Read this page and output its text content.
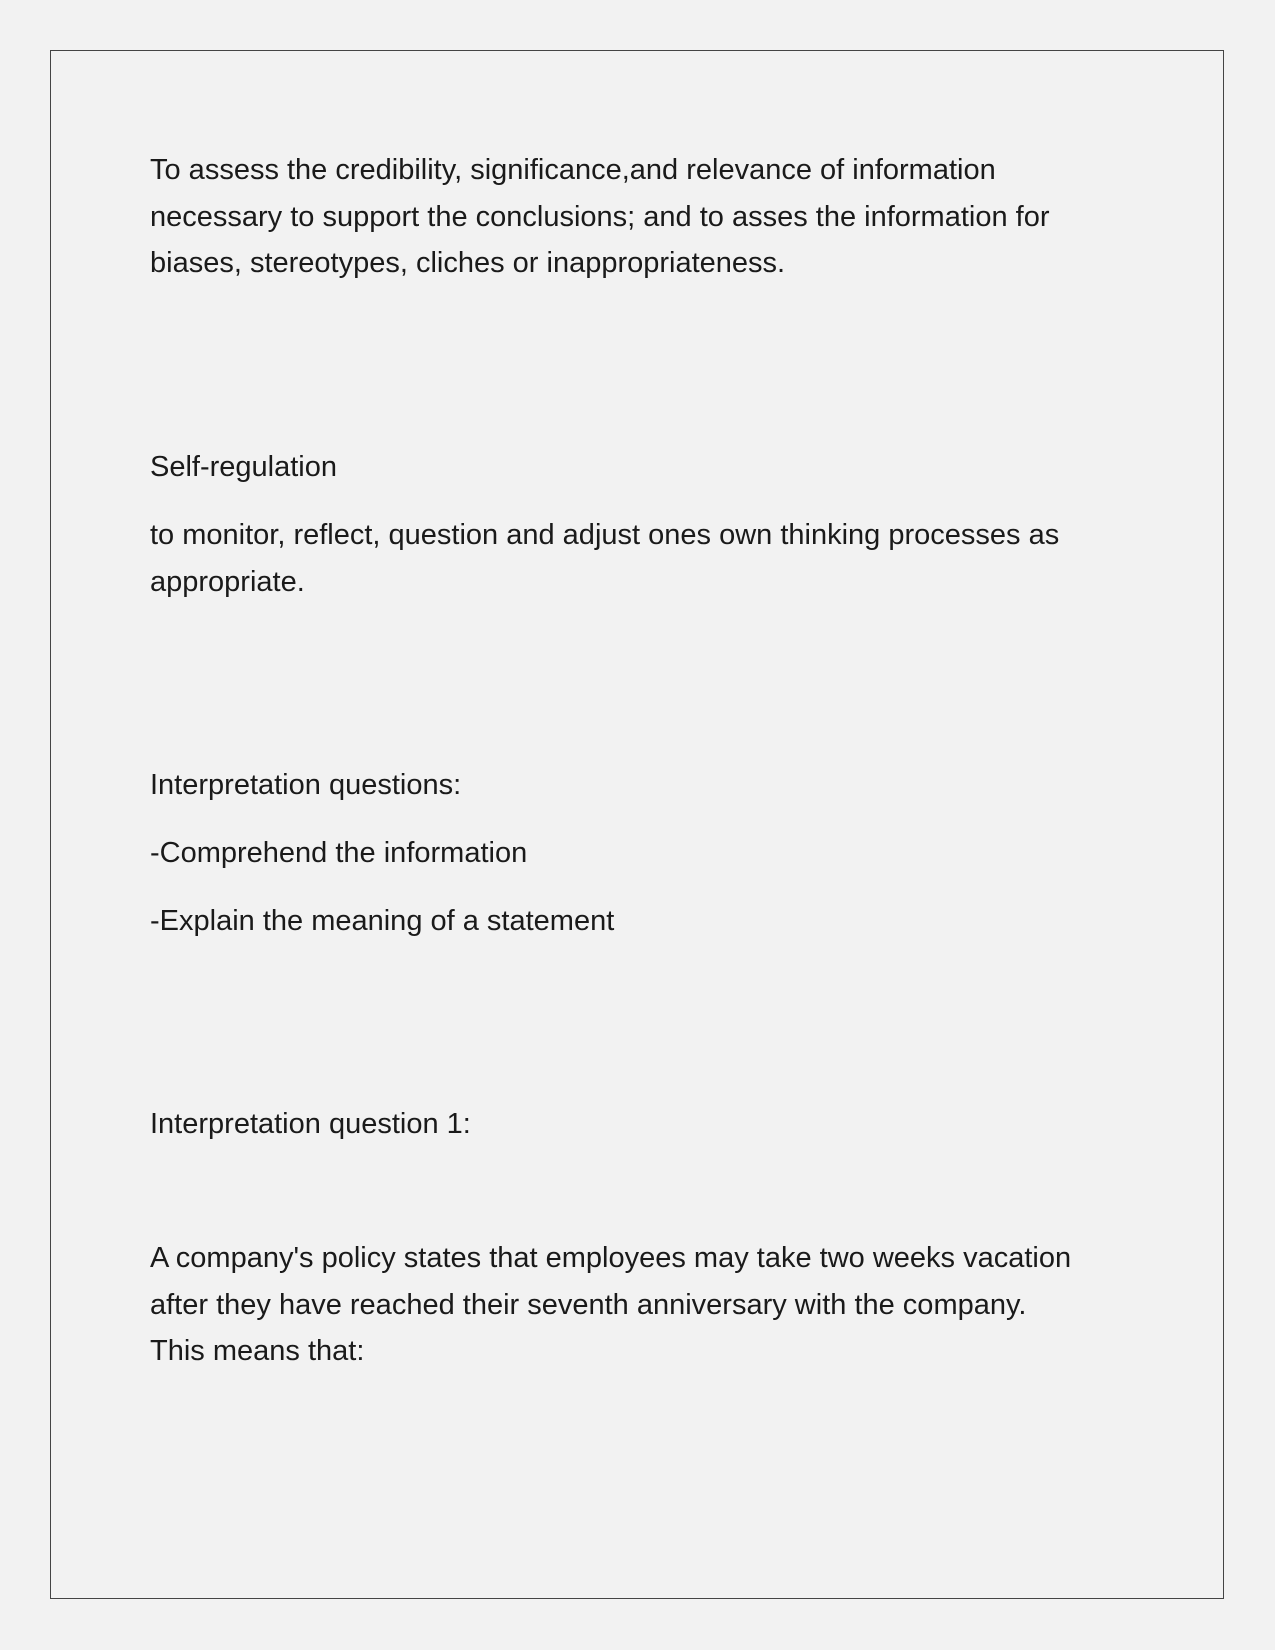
To assess the credibility, significance,and relevance of information
necessary to support the conclusions; and to asses the information for
biases, stereotypes, cliches or inappropriateness.

Self-regulation

to monitor, reflect, question and adjust ones own thinking processes as
appropriate.

Interpretation questions:

-Comprehend the information

-Explain the meaning of a statement

Interpretation question 1:

A company's policy states that employees may take two weeks vacation
after they have reached their seventh anniversary with the company.
This means that:
